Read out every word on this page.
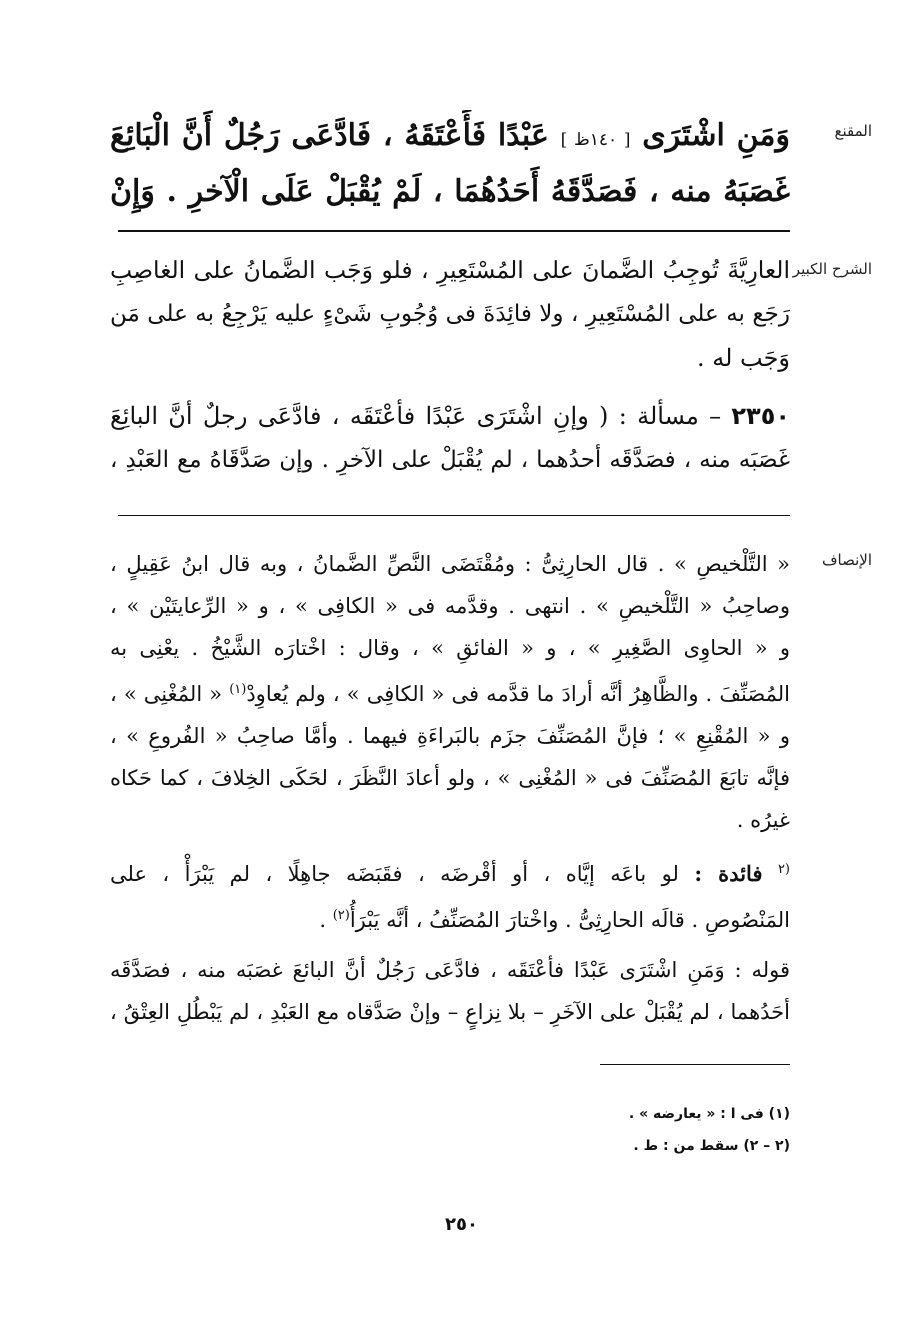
المقنع
وَمَنِ اشْتَرَى [ ١٤٠ظ ] عَبْدًا فَأَعْتَقَهُ ، فَادَّعَى رَجُلٌ أَنَّ الْبَائِعَ
غَصَبَهُ منه ، فَصَدَّقَهُ أَحَدُهُمَا ، لَمْ يُقْبَلْ عَلَى الْآخرِ . وَإِنْ
الشرح الكبير
العارِيَّةَ تُوجِبُ الضَّمانَ على المُسْتَعِيرِ ، فلو وَجَب الضَّمانُ على الغاصِبِ
رَجَع به على المُسْتَعِيرِ ، ولا فائِدَةَ فى وُجُوبِ شَىْءٍ عليه يَرْجِعُ به على مَن
وَجَب له .
٢٣٥٠ – مسألة : ( وإنِ اشْتَرَى عَبْدًا فأعْتَقَه ، فادَّعَى رجلٌ أنَّ البائِعَ
غَصَبَه منه ، فصَدَّقَه أحدُهما ، لم يُقْبَلْ على الآخرِ . وإن صَدَّقَاهُ مع العَبْدِ ،
الإنصاف
« التَّلْخيصِ » . قال الحارِثِىُّ : ومُقْتَضَى النَّصِّ الضَّمانُ ، وبه قال ابنُ عَقِيلٍ ،
وصاحِبُ « التَّلْخيصِ » . انتهى . وقدَّمه فى « الكافِى » ، و « الرِّعايتَيْن » ،
و « الحاوِى الصَّغِيرِ » ، و « الفائقِ » ، وقال : اخْتارَه الشَّيْخُ . يعْنِى به
المُصَنِّفَ . والظَّاهِرُ أنَّه أرادَ ما قدَّمه فى « الكافِى » ، ولم يُعاوِدْ$^{(١)}$ « المُغْنِى » ،
و « المُقْنِعِ » ؛ فإنَّ المُصَنِّفَ جزَم بالبَراءَةِ فيهما . وأمَّا صاحِبُ « الفُروعِ » ،
فإنَّه تابَعَ المُصَنِّفَ فى « المُغْنِى » ، ولو أعادَ النَّظَرَ ، لحَكَى الخِلافَ ، كما حَكاه
غيرُه .
$^{(٢}$ فائدة : لو باعَه إيَّاه ، أو أقْرضَه ، فقَبَضَه جاهِلًا ، لم يَبْرَأْ ، على
المَنْصُوصِ . قالَه الحارِثِىُّ . واخْتارَ المُصَنِّفُ ، أنَّه يَبْرَأُ$^{(٢)}$ .
قوله : وَمَنِ اشْتَرَى عَبْدًا فأعْتَقَه ، فادَّعَى رَجُلٌ أنَّ البائعَ غصَبَه منه ، فصَدَّقَه
أحَدُهما ، لم يُقْبَلْ على الآخَرِ – بلا نِزاعٍ – وإنْ صَدَّقاه مع العَبْدِ ، لم يَبْطُلِ العِتْقُ ،
(١) فى ا : « يعارضه » .
(٢ – ٢) سقط من : ط .
٢٥٠
